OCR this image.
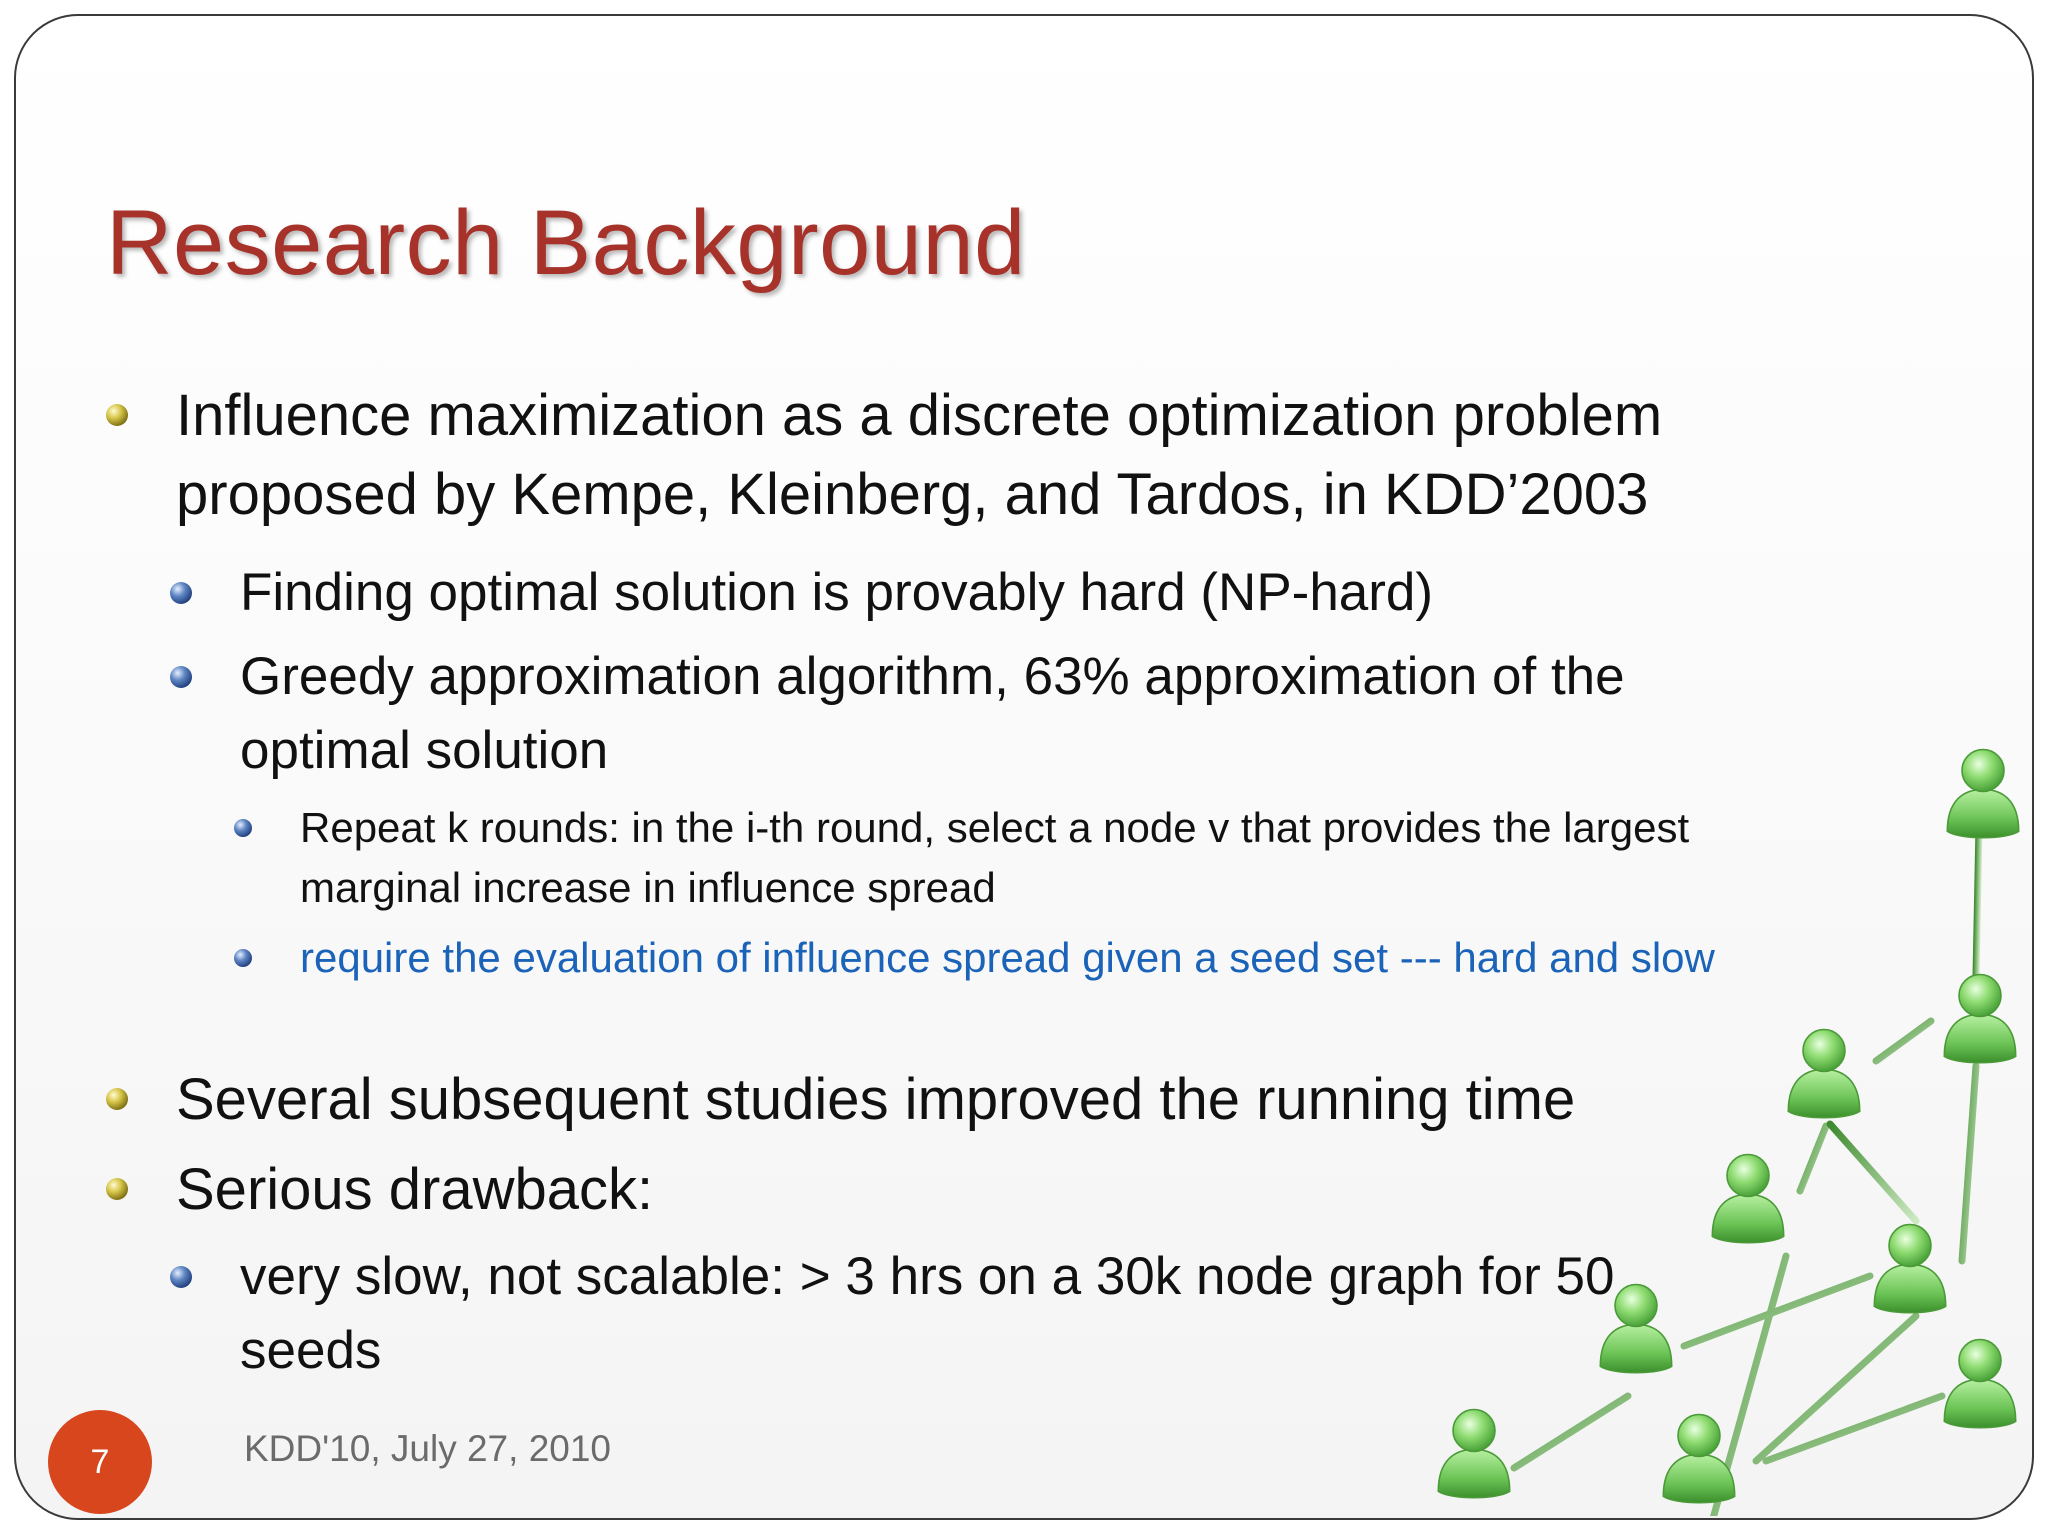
Research Background
Influence maximization as a discrete optimization problem proposed by Kempe, Kleinberg, and Tardos, in KDD’2003
Finding optimal solution is provably hard (NP-hard)
Greedy approximation algorithm, 63% approximation of the optimal solution
Repeat k rounds: in the i-th round, select a node v that provides the largest marginal increase in influence spread
require the evaluation of influence spread given a seed set --- hard and slow
Several subsequent studies improved the running time
Serious drawback:
very slow, not scalable: > 3 hrs on a 30k node graph for 50 seeds
7	KDD'10, July 27, 2010
